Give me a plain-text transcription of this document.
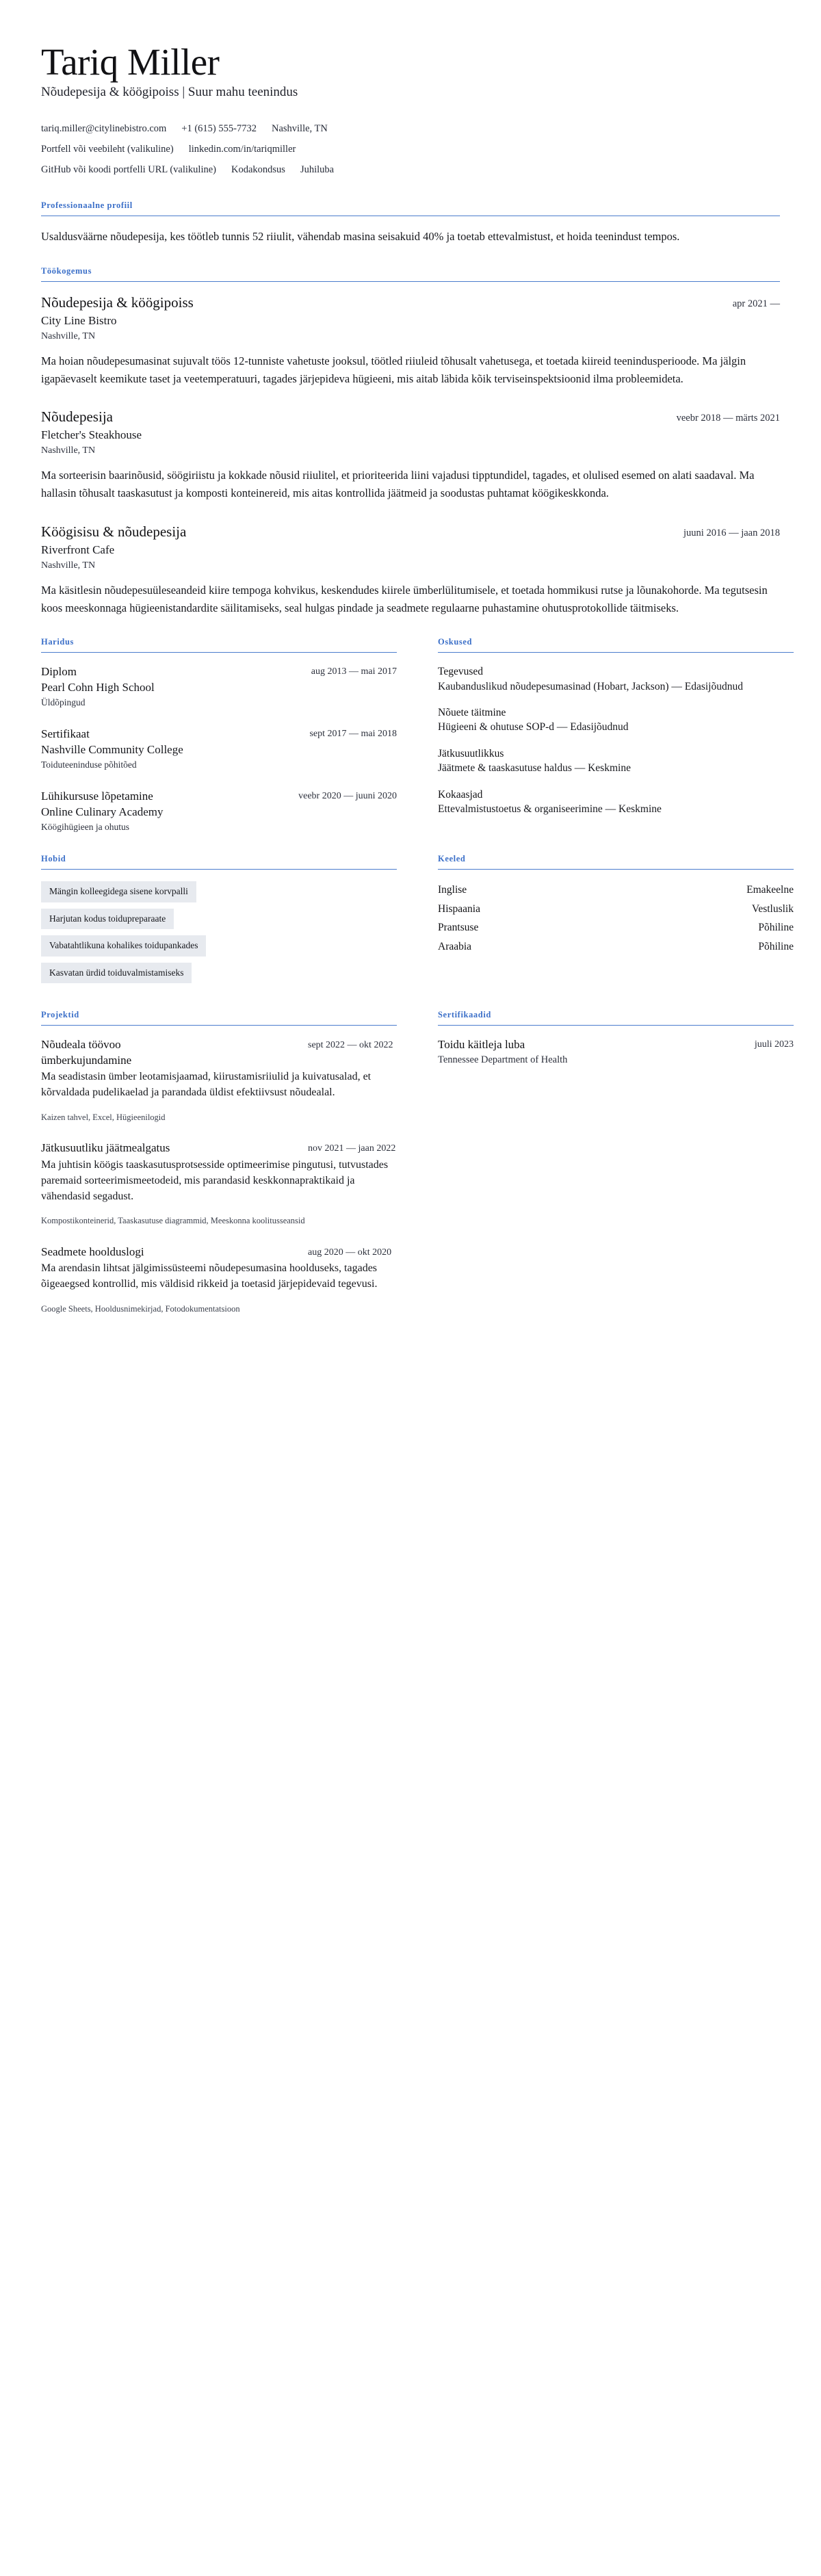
Tariq Miller
Nõudepesija & köögipoiss | Suur mahu teenindus
tariq.miller@citylinebistro.com +1 (615) 555-7732 Nashville, TN
Portfell või veebileht (valikuline) linkedin.com/in/tariqmiller
GitHub või koodi portfelli URL (valikuline) Kodakondsus Juhiluba
Professionaalne profiil

Usaldusväärne nõudepesija, kes töötleb tunnis 52 riiulit, vähendab masina seisakuid 40% ja toetab ettevalmistust, et hoida teenindust tempos.

Töökogemus
Nõudepesija & köögipoiss	apr 2021 —
City Line Bistro
Nashville, TN

Ma hoian nõudepesumasinat sujuvalt töös 12-tunniste vahetuste jooksul, töötled riiuleid tõhusalt vahetusega, et toetada kiireid teenindusperioode. Ma jälgin igapäevaselt keemikute taset ja veetemperatuuri, tagades järjepideva hügieeni, mis aitab läbida kõik terviseinspektsioonid ilma probleemideta.

Nõudepesija	veebr 2018 — märts 2021
Fletcher's Steakhouse
Nashville, TN

Ma sorteerisin baarinõusid, söögiriistu ja kokkade nõusid riiulitel, et prioriteerida liini vajadusi tipptundidel, tagades, et olulised esemed on alati saadaval. Ma hallasin tõhusalt taaskasutust ja komposti konteinereid, mis aitas kontrollida jäätmeid ja soodustas puhtamat köögikeskkonda.

Köögisisu & nõudepesija	juuni 2016 — jaan 2018
Riverfront Cafe
Nashville, TN

Ma käsitlesin nõudepesuüleseandeid kiire tempoga kohvikus, keskendudes kiirele ümberlülitumisele, et toetada hommikusi rutse ja lõunakohorde. Ma tegutsesin koos meeskonnaga hügieenistandardite säilitamiseks, seal hulgas pindade ja seadmete regulaarne puhastamine ohutusprotokollide täitmiseks.

Haridus
Diplom
Pearl Cohn High School
Üldõpingud
aug 2013 — mai 2017
Sertifikaat
Nashville Community College
Toiduteeninduse põhitõed
sept 2017 — mai 2018
Lühikursuse lõpetamine
Online Culinary Academy
Köögihügieen ja ohutus
veebr 2020 — juuni 2020
Oskused
Tegevused
Kaubanduslikud nõudepesumasinad (Hobart, Jackson) — Edasijõudnud
Nõuete täitmine
Hügieeni & ohutuse SOP-d — Edasijõudnud
Jätkusuutlikkus
Jäätmete & taaskasutuse haldus — Keskmine
Kokaasjad
Ettevalmistustoetus & organiseerimine — Keskmine
Hobid
Mängin kolleegidega sisene korvpalli
Harjutan kodus toidupreparaate
Vabatahtlikuna kohalikes toidupankades
Kasvatan ürdid toiduvalmistamiseks
Keeled
Inglise	Emakeelne
Hispaania	Vestluslik
Prantsuse	Põhiline
Araabia	Põhiline
Projektid
Nõudeala töövoo ümberkujundamine
sept 2022 — okt 2022

Ma seadistasin ümber leotamisjaamad, kiirustamisriiulid ja kuivatusalad, et kõrvaldada pudelikaelad ja parandada üldist efektiivsust nõudealal.

Kaizen tahvel, Excel, Hügieenilogid
Jätkusuutliku jäätmealgatus	nov 2021 — jaan 2022

Ma juhtisin köögis taaskasutusprotsesside optimeerimise pingutusi, tutvustades paremaid sorteerimismeetodeid, mis parandasid keskkonnapraktikaid ja vähendasid segadust.

Kompostikonteinerid, Taaskasutuse diagrammid, Meeskonna koolitusseansid
Seadmete hoolduslogi	aug 2020 — okt 2020

Ma arendasin lihtsat jälgimissüsteemi nõudepesumasina hoolduseks, tagades õigeaegsed kontrollid, mis väldisid rikkeid ja toetasid järjepidevaid tegevusi.

Google Sheets, Hooldusnimekirjad, Fotodokumentatsioon
Sertifikaadid
Toidu käitleja luba	juuli 2023
Tennessee Department of Health
